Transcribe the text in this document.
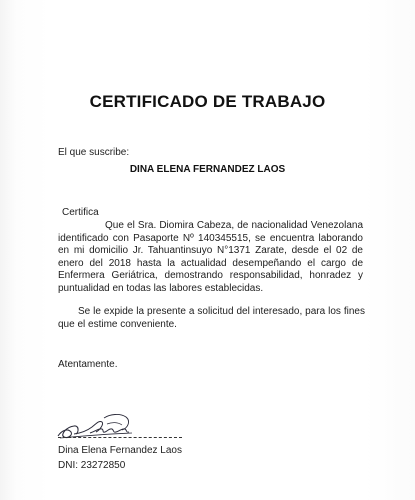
CERTIFICADO DE TRABAJO
El que suscribe:
DINA ELENA FERNANDEZ LAOS
Certifica
Que el Sra. Diomira Cabeza, de nacionalidad Venezolana identificado con Pasaporte Nº 140345515, se encuentra laborando en mi domicilio Jr. Tahuantinsuyo N°1371 Zarate, desde el 02 de enero del 2018 hasta la actualidad desempeñando el cargo de Enfermera Geriátrica, demostrando responsabilidad, honradez y puntualidad en todas las labores establecidas.
Se le expide la presente a solicitud del interesado, para los fines que el estime conveniente.
Atentamente.
Dina Elena Fernandez Laos
DNI: 23272850
